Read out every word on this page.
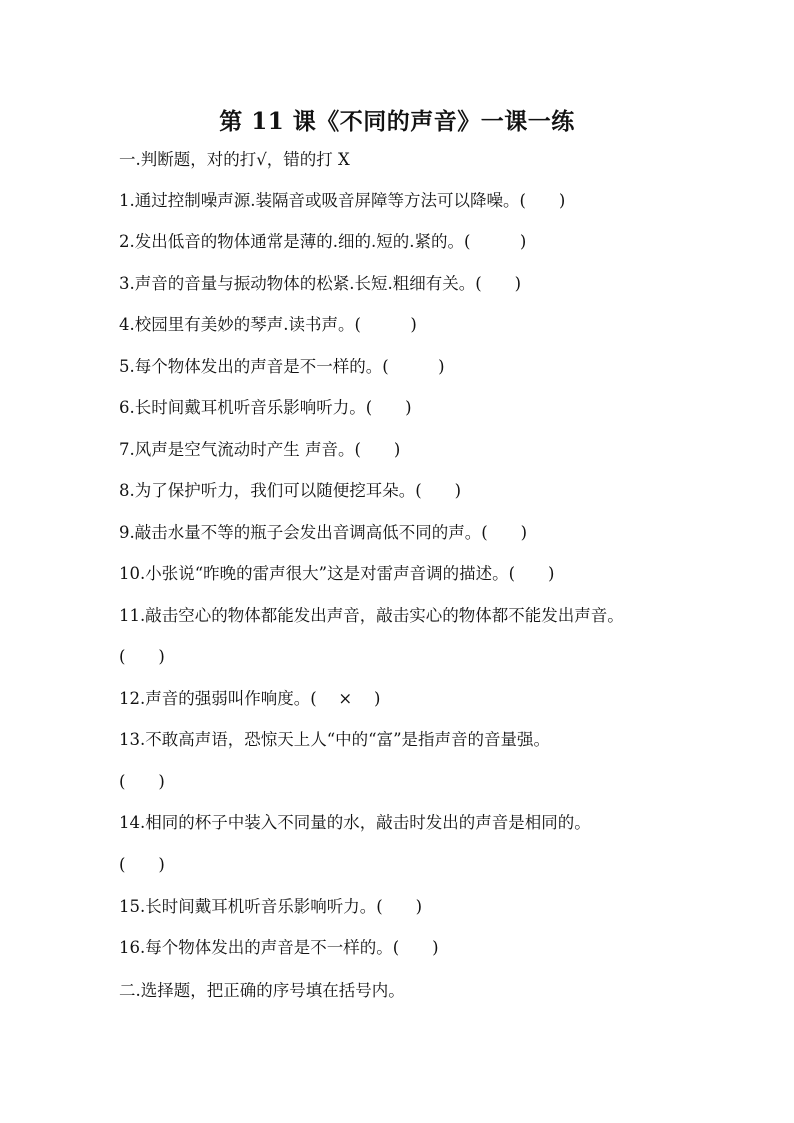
第 11 课《不同的声音》一课一练
一.判断题，对的打√，错的打 X
1.通过控制噪声源.装隔音或吸音屏障等方法可以降噪。(　　)
2.发出低音的物体通常是薄的.细的.短的.紧的。(　　　)
3.声音的音量与振动物体的松紧.长短.粗细有关。(　　)
4.校园里有美妙的琴声.读书声。(　　　)
5.每个物体发出的声音是不一样的。(　　　)
6.长时间戴耳机听音乐影响听力。(　　)
7.风声是空气流动时产生 声音。(　　)
8.为了保护听力，我们可以随便挖耳朵。(　　)
9.敲击水量不等的瓶子会发出音调高低不同的声。(　　)
10.小张说“昨晚的雷声很大”这是对雷声音调的描述。(　　)
11.敲击空心的物体都能发出声音，敲击实心的物体都不能发出声音。
(　　)
12.声音的强弱叫作响度。(　 ×　 )
13.不敢高声语，恐惊天上人“中的“富”是指声音的音量强。
(　　)
14.相同的杯子中装入不同量的水，敲击时发出的声音是相同的。
(　　)
15.长时间戴耳机听音乐影响听力。(　　)
16.每个物体发出的声音是不一样的。(　　)
二.选择题，把正确的序号填在括号内。
